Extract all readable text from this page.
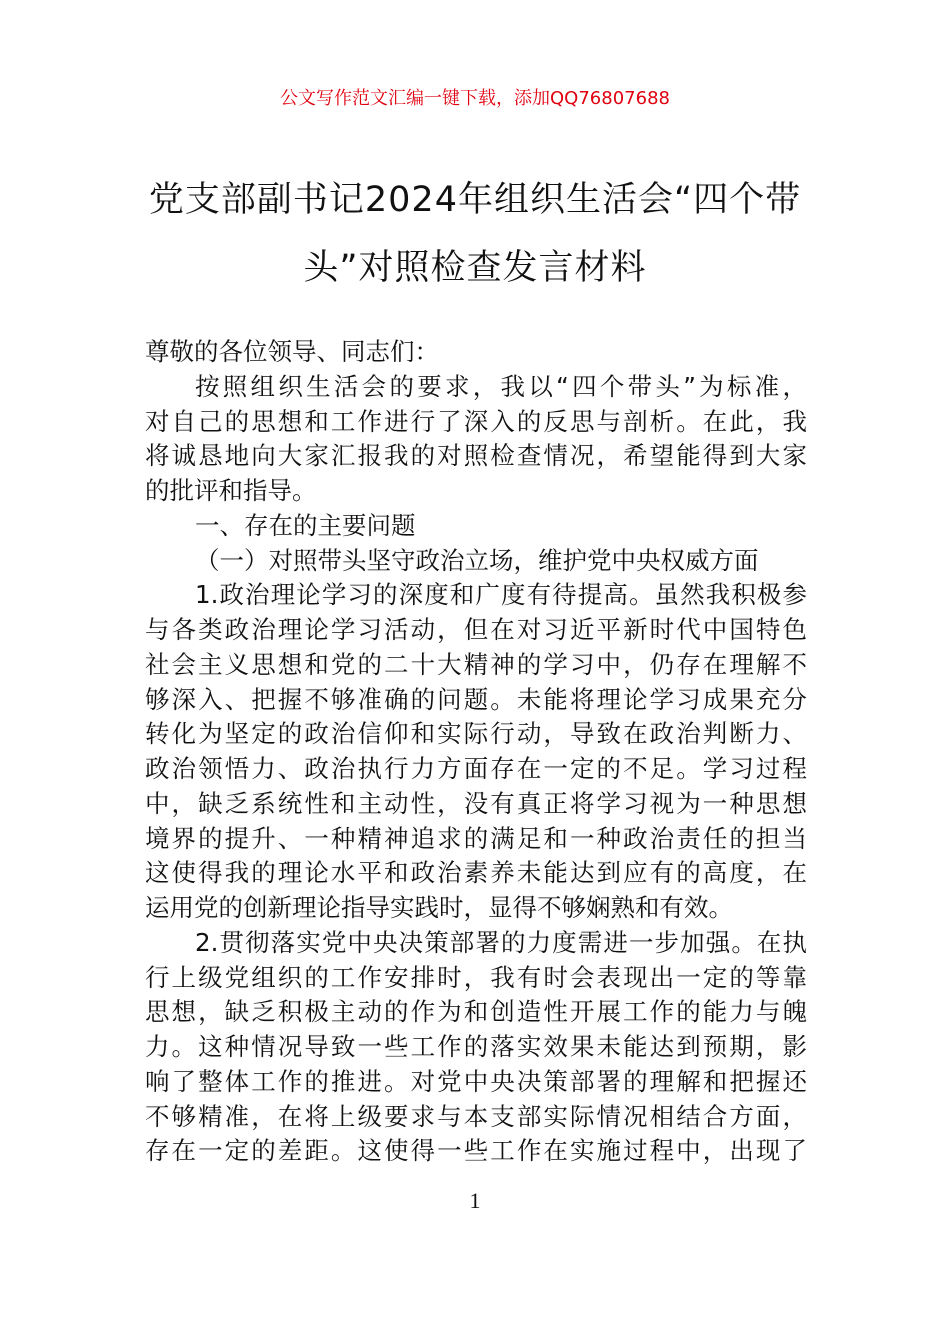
公文写作范文汇编一键下载，添加QQ76807688
党支部副书记2024年组织生活会“四个带
头”对照检查发言材料
尊敬的各位领导、同志们：
按照组织生活会的要求，我以“四个带头”为标准，
对自己的思想和工作进行了深入的反思与剖析。在此，我
将诚恳地向大家汇报我的对照检查情况，希望能得到大家
的批评和指导。
一、存在的主要问题
（一）对照带头坚守政治立场，维护党中央权威方面
1.政治理论学习的深度和广度有待提高。虽然我积极参
与各类政治理论学习活动，但在对习近平新时代中国特色
社会主义思想和党的二十大精神的学习中，仍存在理解不
够深入、把握不够准确的问题。未能将理论学习成果充分
转化为坚定的政治信仰和实际行动，导致在政治判断力、
政治领悟力、政治执行力方面存在一定的不足。学习过程
中，缺乏系统性和主动性，没有真正将学习视为一种思想
境界的提升、一种精神追求的满足和一种政治责任的担当
这使得我的理论水平和政治素养未能达到应有的高度，在
运用党的创新理论指导实践时，显得不够娴熟和有效。
2.贯彻落实党中央决策部署的力度需进一步加强。在执
行上级党组织的工作安排时，我有时会表现出一定的等靠
思想，缺乏积极主动的作为和创造性开展工作的能力与魄
力。这种情况导致一些工作的落实效果未能达到预期，影
响了整体工作的推进。对党中央决策部署的理解和把握还
不够精准，在将上级要求与本支部实际情况相结合方面，
存在一定的差距。这使得一些工作在实施过程中，出现了
1
